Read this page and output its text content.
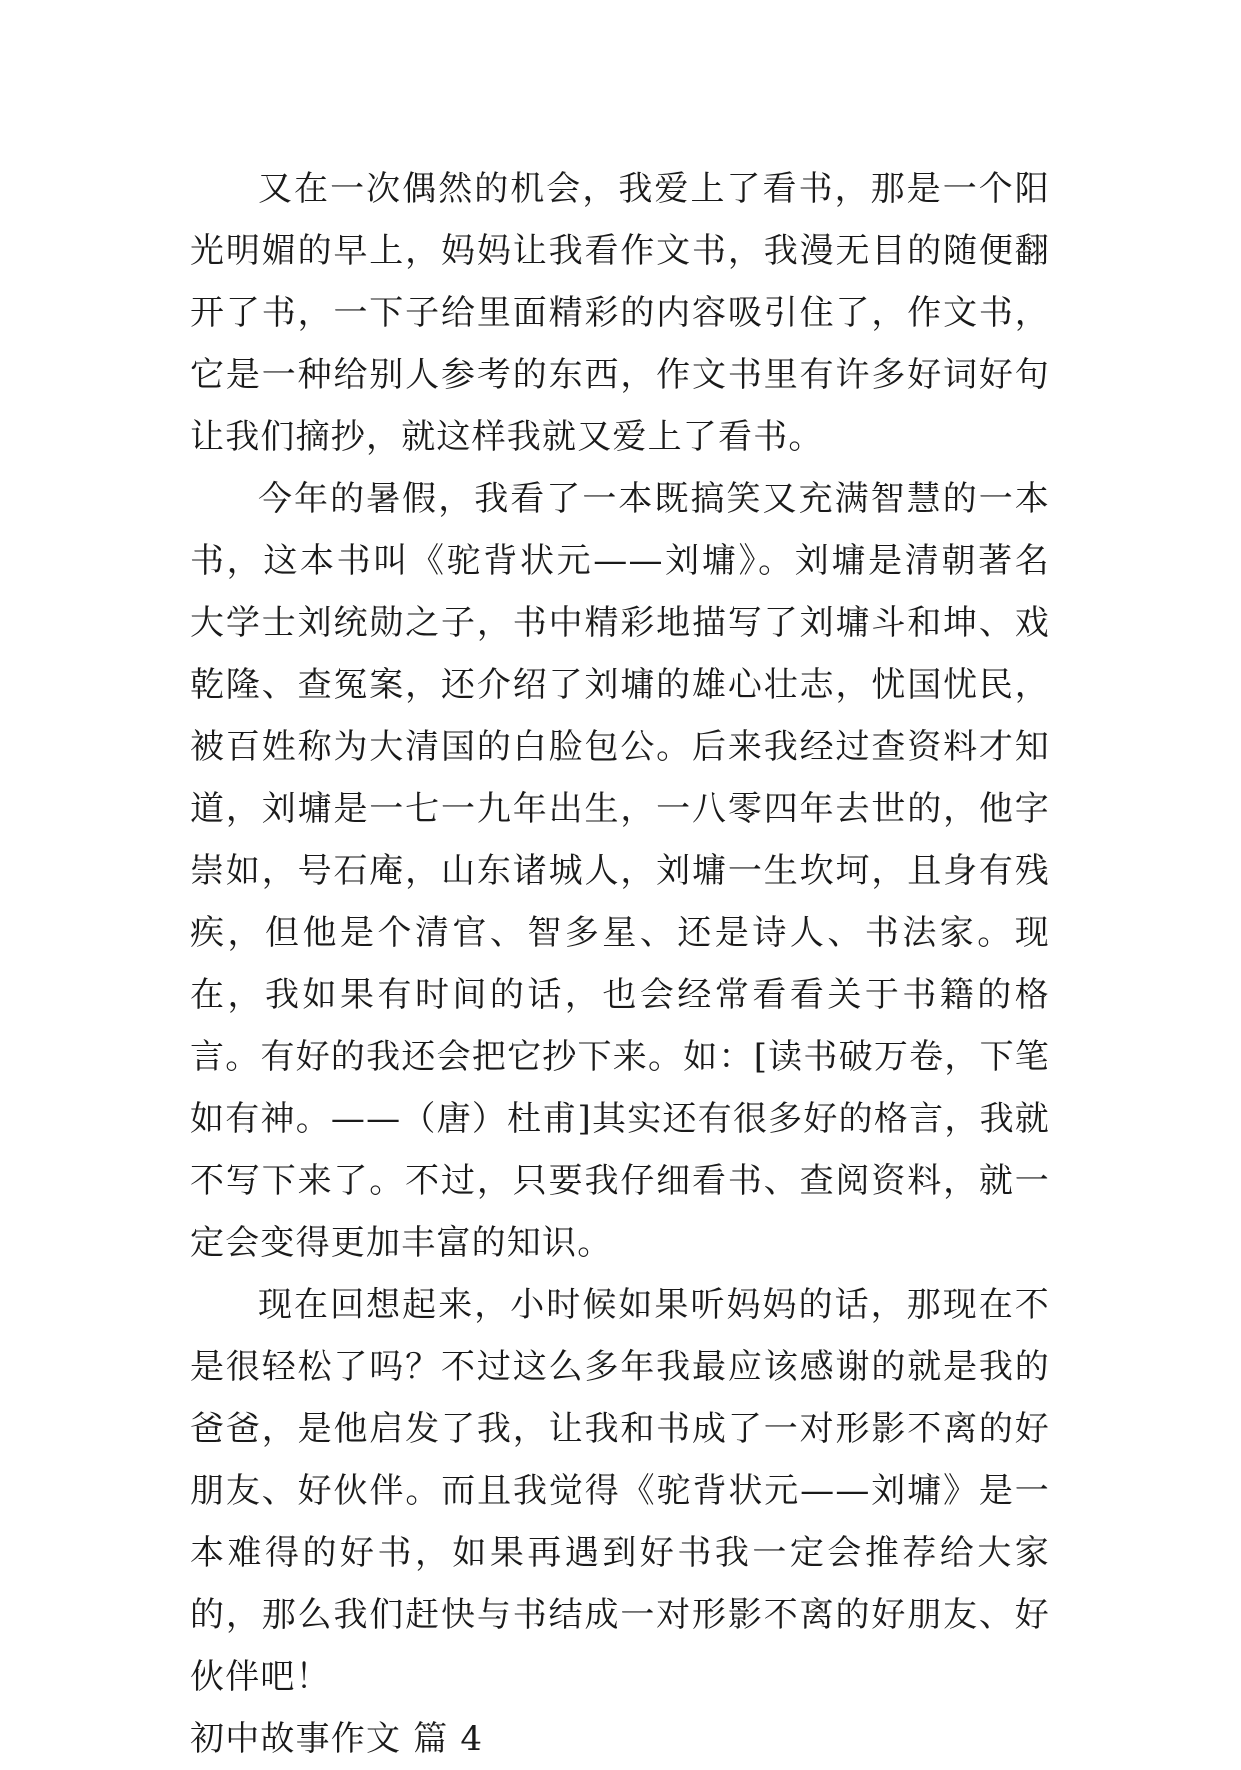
又在一次偶然的机会，我爱上了看书，那是一个阳光明媚的早上，妈妈让我看作文书，我漫无目的随便翻开了书，一下子给里面精彩的内容吸引住了，作文书，它是一种给别人参考的东西，作文书里有许多好词好句让我们摘抄，就这样我就又爱上了看书。

今年的暑假，我看了一本既搞笑又充满智慧的一本书，这本书叫《驼背状元——刘墉》。刘墉是清朝著名大学士刘统勋之子，书中精彩地描写了刘墉斗和坤、戏乾隆、查冤案，还介绍了刘墉的雄心壮志，忧国忧民，被百姓称为大清国的白脸包公。后来我经过查资料才知道，刘墉是一七一九年出生，一八零四年去世的，他字崇如，号石庵，山东诸城人，刘墉一生坎坷，且身有残疾，但他是个清官、智多星、还是诗人、书法家。现在，我如果有时间的话，也会经常看看关于书籍的格言。有好的我还会把它抄下来。如：[读书破万卷，下笔如有神。——（唐）杜甫]其实还有很多好的格言，我就不写下来了。不过，只要我仔细看书、查阅资料，就一定会变得更加丰富的知识。

现在回想起来，小时候如果听妈妈的话，那现在不是很轻松了吗？不过这么多年我最应该感谢的就是我的爸爸，是他启发了我，让我和书成了一对形影不离的好朋友、好伙伴。而且我觉得《驼背状元——刘墉》是一本难得的好书，如果再遇到好书我一定会推荐给大家的，那么我们赶快与书结成一对形影不离的好朋友、好伙伴吧！

初中故事作文 篇 4
